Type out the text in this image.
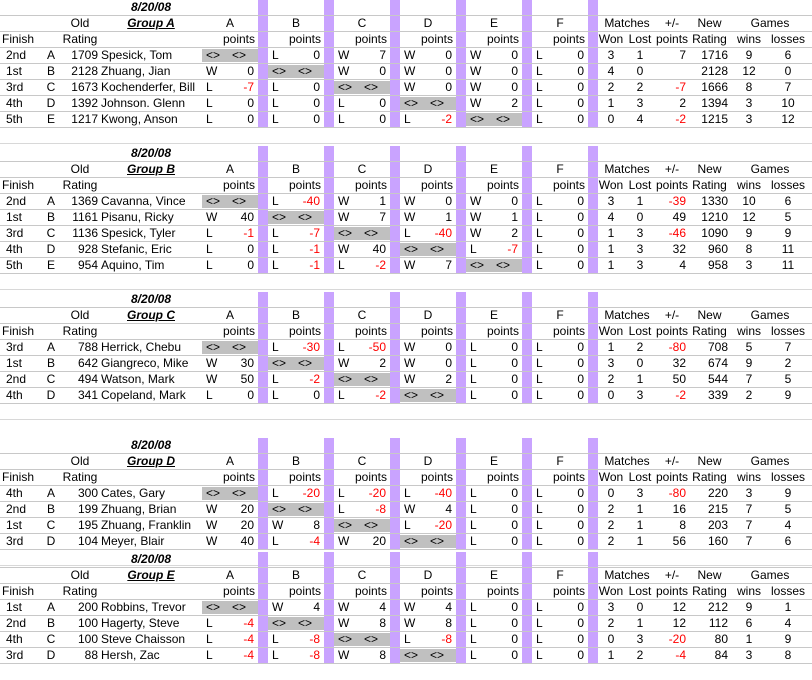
8/20/08
Old	Group A	A	B	C	D	E	F	Matches	+/-	New	Games
Finish	Rating	points	points	points	points	points	points Won Lost points Rating wins losses
2nd	A	1709 Spesick, Tom	<> <>	L	0 W	7 W	0 W	0 L	0	3	1	7	1716	9	6
1st	B	2128 Zhuang, Jian	W	0 <> <>	W	0 W	0 W	0 L	0	4	0	2128	12	0
3rd	C	1673 Kochenderfer, Bill L	-7 L	0 <> <>	W	0 W	0 L	0	2	2	-7	1666	8	7
4th	D	1392 Johnson. Glenn	L	0 L	0 L	0 <> <>	W	2 L	0	1	3	2	1394	3	10
5th	E	1217 Kwong, Anson	L	0 L	0 L	0 L	-2 <> <>	L	0	0	4	-2	1215	3	12
8/20/08
Old	Group B	A	B	C	D	E	F	Matches	+/-	New	Games
Finish	Rating	points	points	points	points	points	points Won Lost points Rating wins losses
2nd	A	1369 Cavanna, Vince	<> <>	L	-40 W	1 W	0 W	0 L	0	3	1	-39	1330	10	6
1st	B	1161 Pisanu, Ricky	W	40 <> <>	W	7 W	1 W	1 L	0	4	0	49	1210	12	5
3rd	C	1136 Spesick, Tyler	L	-1 L	-7 <> <>	L	-40 W	2 L	0	1	3	-46	1090	9	9
4th	D	928 Stefanic, Eric	L	0 L	-1 W	40 <> <>	L	-7 L	0	1	3	32	960	8	11
5th	E	954 Aquino, Tim	L	0 L	-1 L	-2 W	7 <> <>	L	0	1	3	4	958	3	11
8/20/08
Old	Group C	A	B	C	D	E	F	Matches	+/-	New	Games
Finish	Rating	points	points	points	points	points	points Won Lost points Rating wins losses
3rd	A	788 Herrick, Chebu	<> <>	L	-30 L	-50 W	0 L	0 L	0	1	2	-80	708	5	7
1st	B	642 Giangreco, Mike	W	30 <> <>	W	2 W	0 L	0 L	0	3	0	32	674	9	2
2nd	C	494 Watson, Mark	W	50 L	-2 <> <>	W	2 L	0 L	0	2	1	50	544	7	5
4th	D	341 Copeland, Mark	L	0 L	0 L	-2 <> <>	L	0 L	0	0	3	-2	339	2	9
8/20/08
Old	Group D	A	B	C	D	E	F	Matches	+/-	New	Games
Finish	Rating	points	points	points	points	points	points Won Lost points Rating wins losses
4th	A	300 Cates, Gary	<> <>	L	-20 L	-20 L	-40 L	0 L	0	0	3	-80	220	3	9
2nd	B	199 Zhuang, Brian	W	20 <> <>	L	-8 W	4 L	0 L	0	2	1	16	215	7	5
1st	C	195 Zhuang, Franklin	W	20 W	8 <> <>	L	-20 L	0 L	0	2	1	8	203	7	4
3rd	D	104 Meyer, Blair	W	40 L	-4 W	20 <> <>	L	0 L	0	2	1	56	160	7	6
8/20/08
Old	Group E	A	B	C	D	E	F	Matches	+/-	New	Games
Finish	Rating	points	points	points	points	points	points Won Lost points Rating wins losses
1st	A	200 Robbins, Trevor	<> <>	W	4 W	4 W	4 L	0 L	0	3	0	12	212	9	1
2nd	B	100 Hagerty, Steve	L	-4 <> <>	W	8 W	8 L	0 L	0	2	1	12	112	6	4
4th	C	100 Steve Chaisson	L	-4 L	-8 <> <>	L	-8 L	0 L	0	0	3	-20	80	1	9
3rd	D	88 Hersh, Zac	L	-4 L	-8 W	8 <> <>	L	0 L	0	1	2	-4	84	3	8
